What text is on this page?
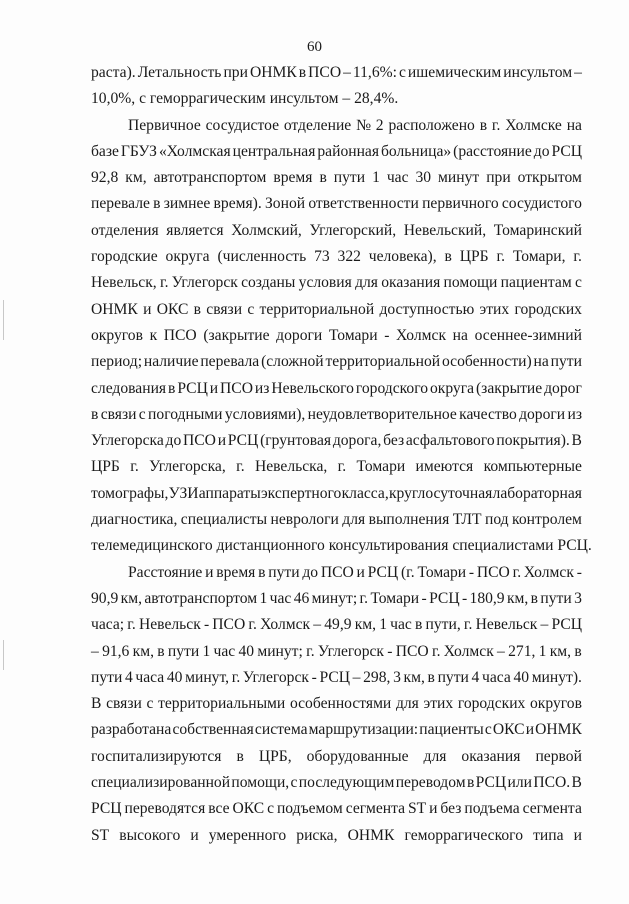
60
раста). Летальность при ОНМК в ПСО – 11,6%: с ишемическим инсультом –
10,0%, с геморрагическим инсультом – 28,4%.
Первичное сосудистое отделение № 2 расположено в г. Холмске на
базе ГБУЗ «Холмская центральная районная больница» (расстояние до РСЦ
92,8 км, автотранспортом время в пути 1 час 30 минут при открытом
перевале в зимнее время). Зоной ответственности первичного сосудистого
отделения является Холмский, Углегорский, Невельский, Томаринский
городские округа (численность 73 322 человека), в ЦРБ г. Томари, г.
Невельск, г. Углегорск созданы условия для оказания помощи пациентам с
ОНМК и ОКС в связи с территориальной доступностью этих городских
округов к ПСО (закрытие дороги Томари - Холмск на осеннее-зимний
период; наличие перевала (сложной территориальной особенности) на пути
следования в РСЦ и ПСО из Невельского городского округа (закрытие дорог
в связи с погодными условиями), неудовлетворительное качество дороги из
Углегорска до ПСО и РСЦ (грунтовая дорога, без асфальтового покрытия). В
ЦРБ г. Углегорска, г. Невельска, г. Томари имеются компьютерные
томографы, УЗИ аппараты экспертного класса, круглосуточная лабораторная
диагностика, специалисты неврологи для выполнения ТЛТ под контролем
телемедицинского дистанционного консультирования специалистами РСЦ.
Расстояние и время в пути до ПСО и РСЦ (г. Томари - ПСО г. Холмск -
90,9 км, автотранспортом 1 час 46 минут; г. Томари - РСЦ - 180,9 км, в пути 3
часа; г. Невельск - ПСО г. Холмск – 49,9 км, 1 час в пути, г. Невельск – РСЦ
– 91,6 км, в пути 1 час 40 минут; г. Углегорск - ПСО г. Холмск – 271, 1 км, в
пути 4 часа 40 минут, г. Углегорск - РСЦ – 298, 3 км, в пути 4 часа 40 минут).
В связи с территориальными особенностями для этих городских округов
разработана собственная система маршрутизации: пациенты с ОКС и ОНМК
госпитализируются в ЦРБ, оборудованные для оказания первой
специализированной помощи, с последующим переводом в РСЦ или ПСО. В
РСЦ переводятся все ОКС с подъемом сегмента ST и без подъема сегмента
ST высокого и умеренного риска, ОНМК геморрагического типа и
